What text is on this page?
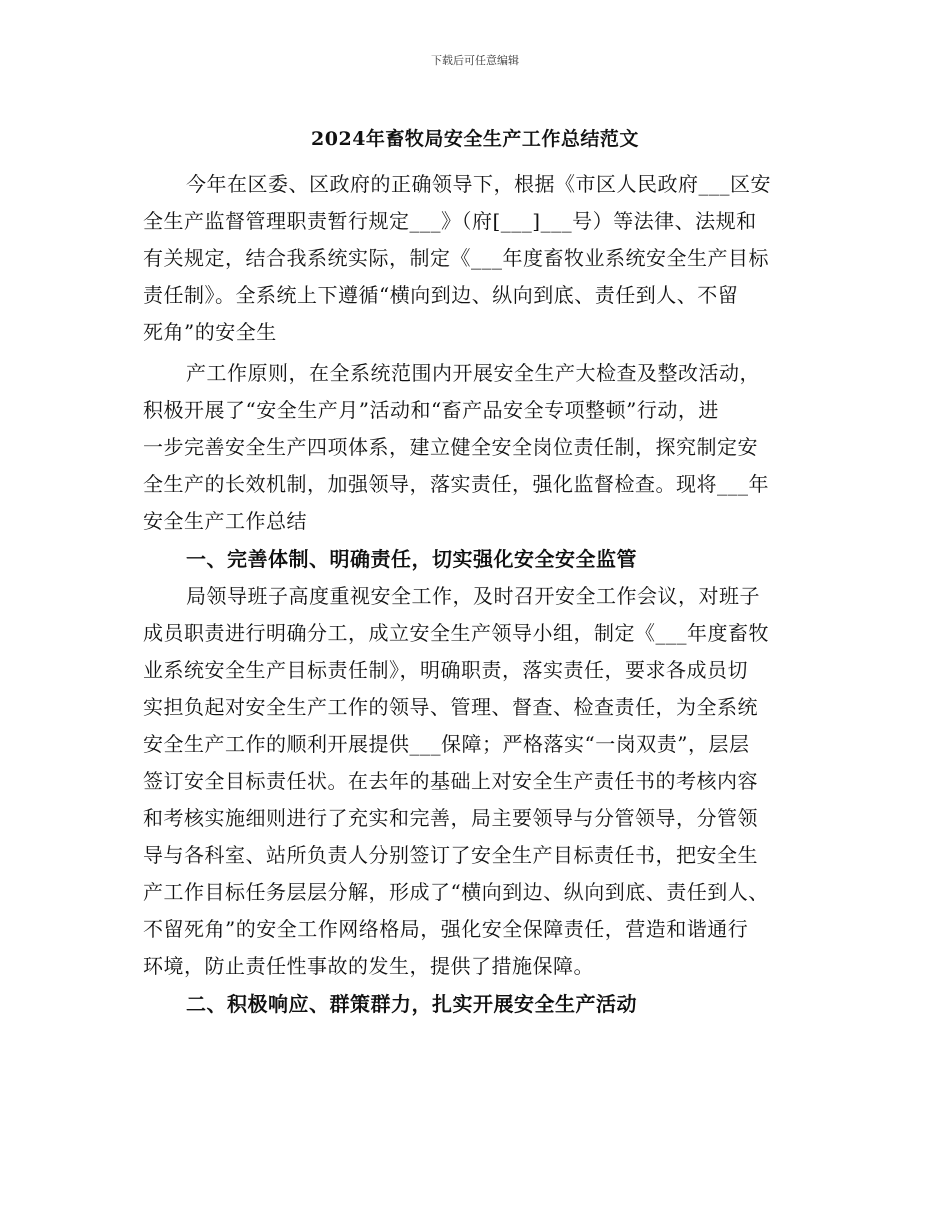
下载后可任意编辑
2024年畜牧局安全生产工作总结范文
今年在区委、区政府的正确领导下，根据《市区人民政府___区安
全生产监督管理职责暂行规定___》（府[___]___号）等法律、法规和
有关规定，结合我系统实际，制定《___年度畜牧业系统安全生产目标
责任制》。全系统上下遵循“横向到边、纵向到底、责任到人、不留
死角”的安全生
产工作原则，在全系统范围内开展安全生产大检查及整改活动，
积极开展了“安全生产月”活动和“畜产品安全专项整顿”行动，进
一步完善安全生产四项体系，建立健全安全岗位责任制，探究制定安
全生产的长效机制，加强领导，落实责任，强化监督检查。现将___年
安全生产工作总结
一、完善体制、明确责任，切实强化安全安全监管
局领导班子高度重视安全工作，及时召开安全工作会议，对班子
成员职责进行明确分工，成立安全生产领导小组，制定《___年度畜牧
业系统安全生产目标责任制》，明确职责，落实责任，要求各成员切
实担负起对安全生产工作的领导、管理、督查、检查责任，为全系统
安全生产工作的顺利开展提供___保障；严格落实“一岗双责”，层层
签订安全目标责任状。在去年的基础上对安全生产责任书的考核内容
和考核实施细则进行了充实和完善，局主要领导与分管领导，分管领
导与各科室、站所负责人分别签订了安全生产目标责任书，把安全生
产工作目标任务层层分解，形成了“横向到边、纵向到底、责任到人、
不留死角”的安全工作网络格局，强化安全保障责任，营造和谐通行
环境，防止责任性事故的发生，提供了措施保障。
二、积极响应、群策群力，扎实开展安全生产活动
